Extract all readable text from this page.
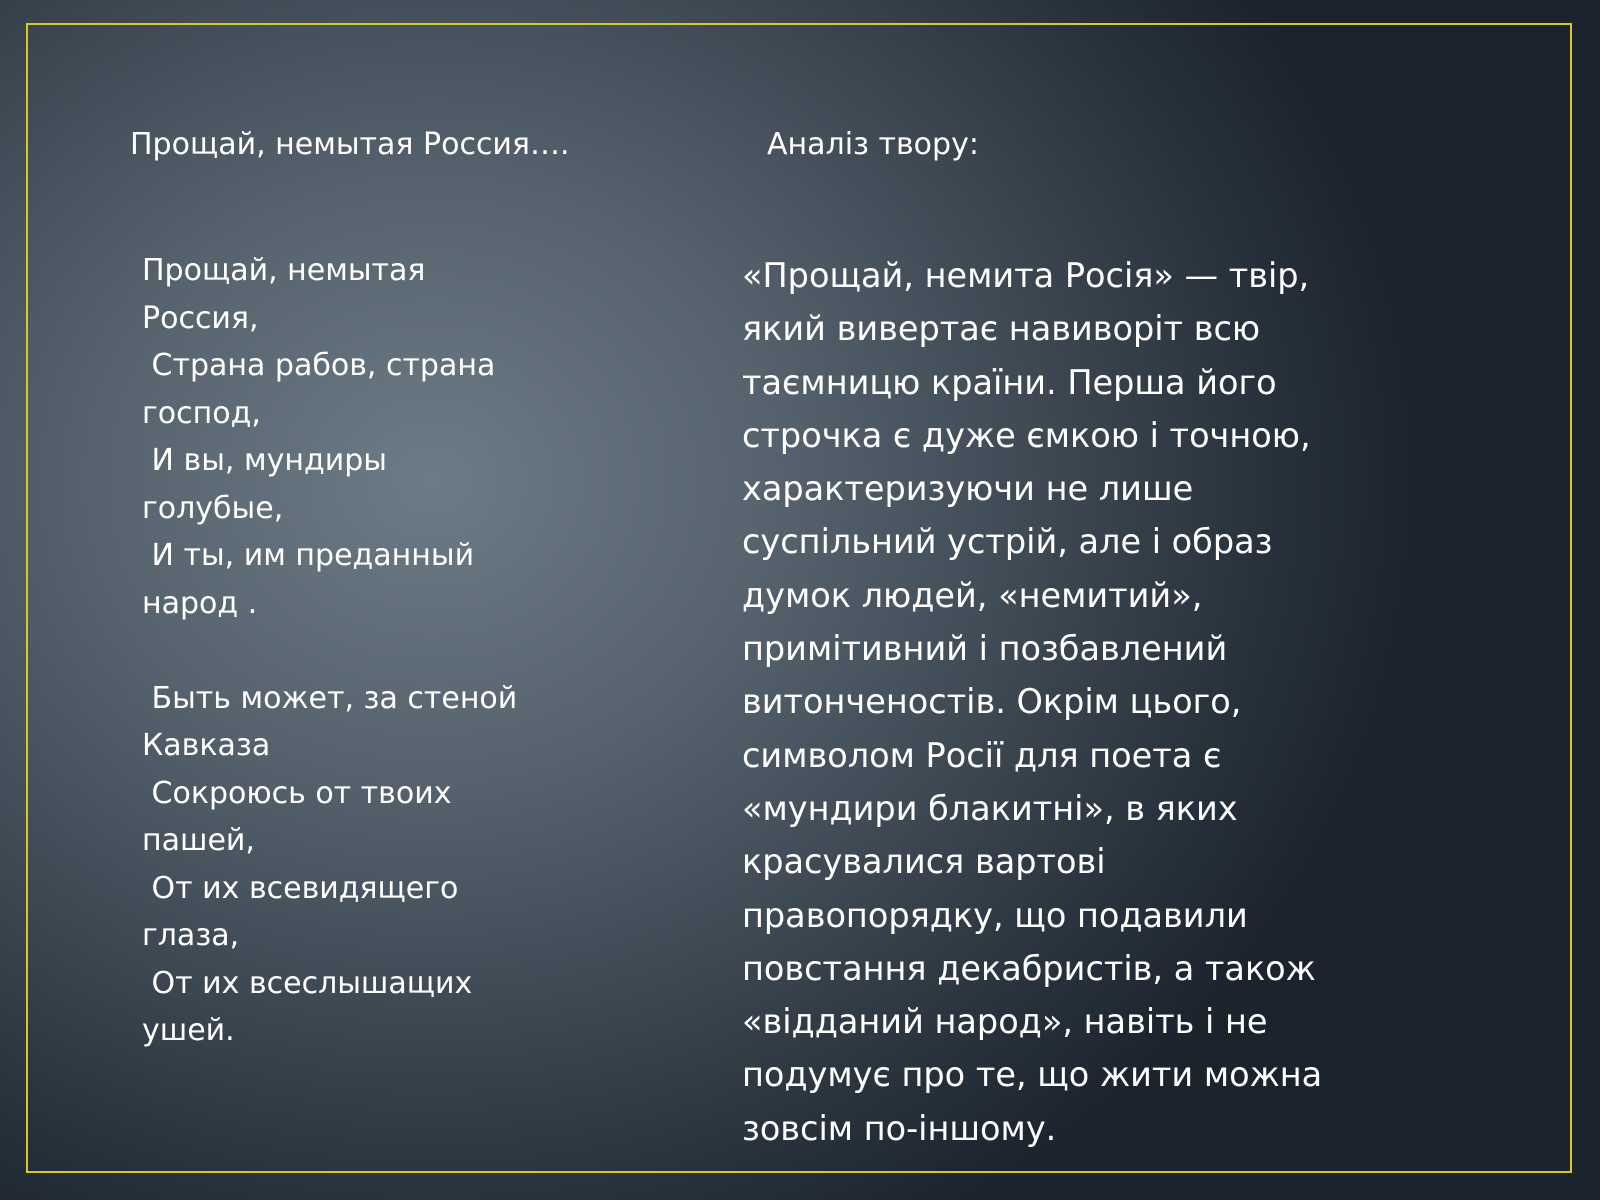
Прощай, немытая Россия….	Аналіз твору:
Прощай, немытая
Россия,
Страна рабов, страна
господ,
И вы, мундиры
голубые,
И ты, им преданный
народ .

Быть может, за стеной
Кавказа
Сокроюсь от твоих
пашей,
От их всевидящего
глаза,
От их всеслышащих
ушей.
«Прощай, немита Росія» — твір,
який вивертає навиворіт всю
таємницю країни. Перша його
строчка є дуже ємкою і точною,
характеризуючи не лише
суспільний устрій, але і образ
думок людей, «немитий»,
примітивний і позбавлений
витонченостів. Окрім цього,
символом Росії для поета є
«мундири блакитні», в яких
красувалися вартові
правопорядку, що подавили
повстання декабристів, а також
«відданий народ», навіть і не
подумує про те, що жити можна
зовсім по-іншому.
